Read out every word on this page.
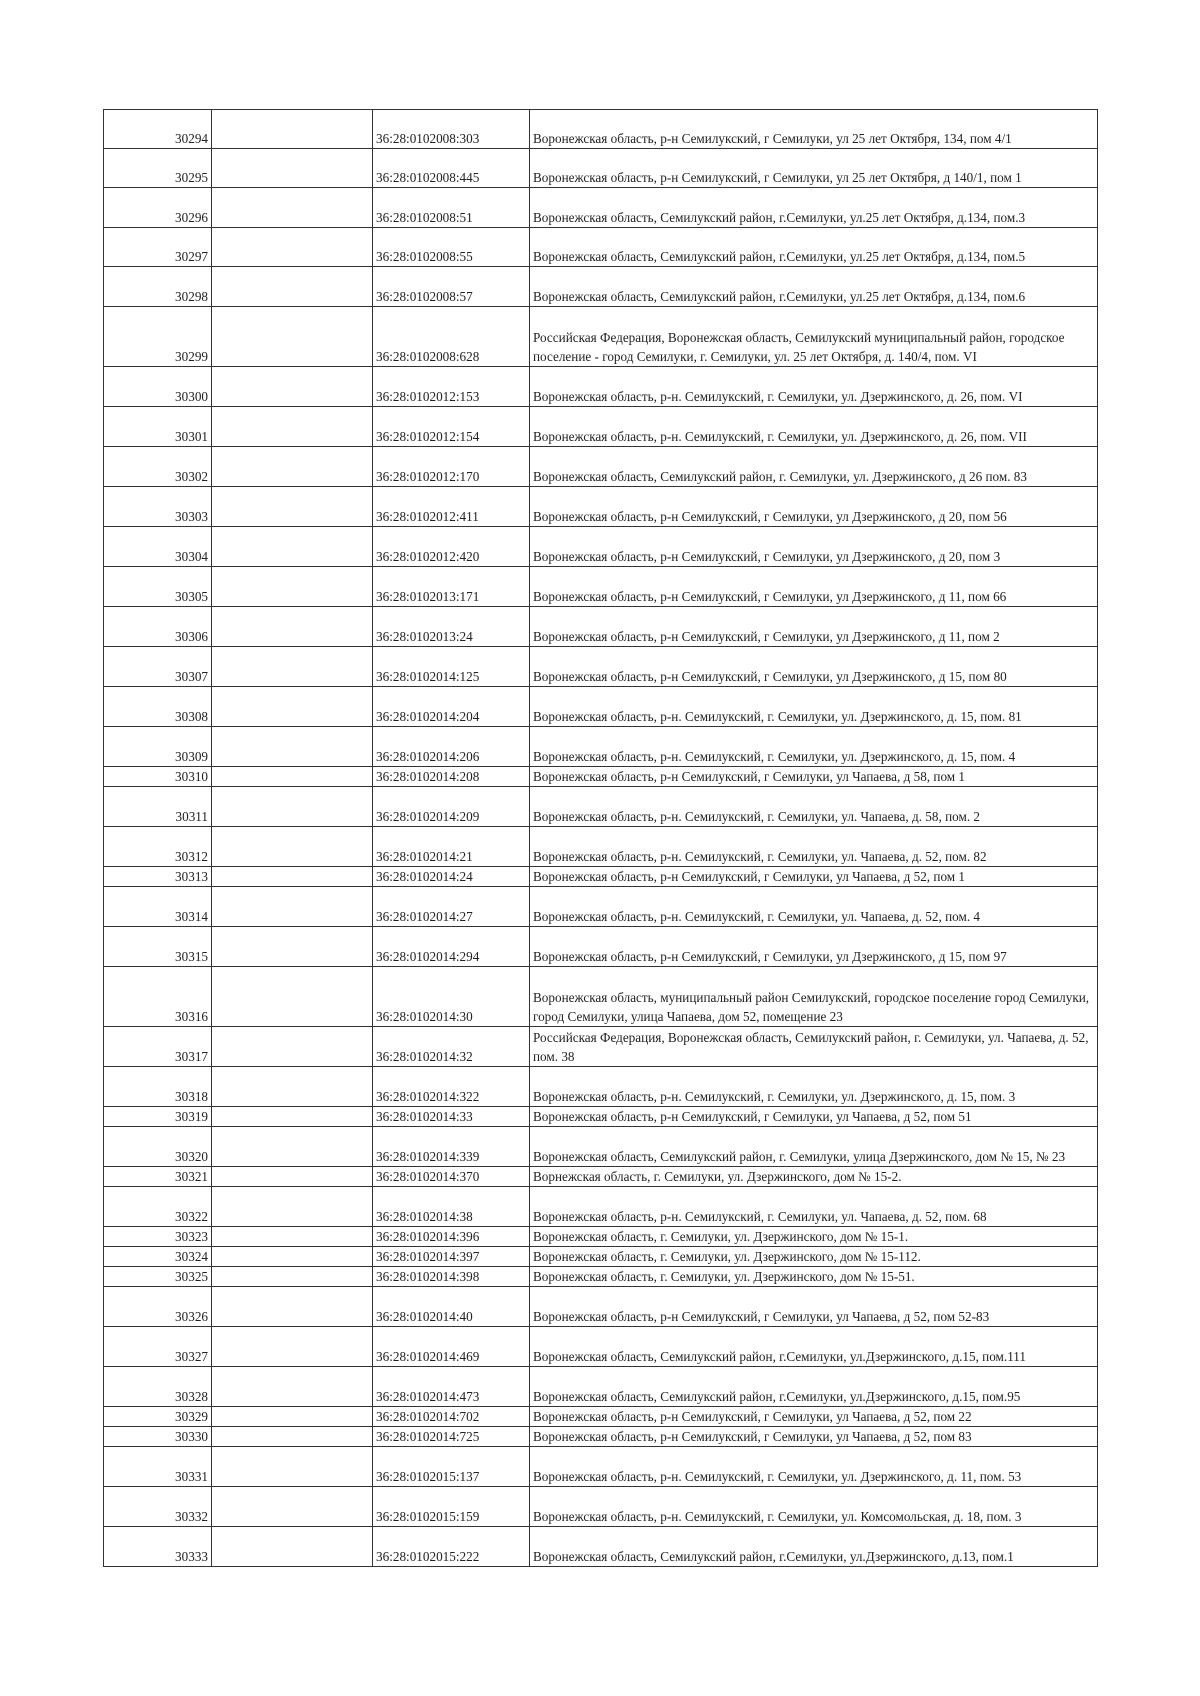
30294		36:28:0102008:303	Воронежская область, р-н Семилукский, г Семилуки, ул 25 лет Октября, 134, пом 4/1
30295		36:28:0102008:445	Воронежская область, р-н Семилукский, г Семилуки, ул 25 лет Октября, д 140/1, пом 1
30296		36:28:0102008:51	Воронежская область, Семилукский район, г.Семилуки, ул.25 лет Октября, д.134, пом.3
30297		36:28:0102008:55	Воронежская область, Семилукский район, г.Семилуки, ул.25 лет Октября, д.134, пом.5
30298		36:28:0102008:57	Воронежская область, Семилукский район, г.Семилуки, ул.25 лет Октября, д.134, пом.6
30299		36:28:0102008:628	Российская Федерация, Воронежская область, Семилукский муниципальный район, городское поселение - город Семилуки, г. Семилуки, ул. 25 лет Октября, д. 140/4, пом. VI
30300		36:28:0102012:153	Воронежская область, р-н. Семилукский, г. Семилуки, ул. Дзержинского, д. 26, пом. VI
30301		36:28:0102012:154	Воронежская область, р-н. Семилукский, г. Семилуки, ул. Дзержинского, д. 26, пом. VII
30302		36:28:0102012:170	Воронежская область, Семилукский район, г. Семилуки, ул. Дзержинского, д 26 пом. 83
30303		36:28:0102012:411	Воронежская область, р-н Семилукский, г Семилуки, ул Дзержинского, д 20, пом 56
30304		36:28:0102012:420	Воронежская область, р-н Семилукский, г Семилуки, ул Дзержинского, д 20, пом 3
30305		36:28:0102013:171	Воронежская область, р-н Семилукский, г Семилуки, ул Дзержинского, д 11, пом 66
30306		36:28:0102013:24	Воронежская область, р-н Семилукский, г Семилуки, ул Дзержинского, д 11, пом 2
30307		36:28:0102014:125	Воронежская область, р-н Семилукский, г Семилуки, ул Дзержинского, д 15, пом 80
30308		36:28:0102014:204	Воронежская область, р-н. Семилукский, г. Семилуки, ул. Дзержинского, д. 15, пом. 81
30309		36:28:0102014:206	Воронежская область, р-н. Семилукский, г. Семилуки, ул. Дзержинского, д. 15, пом. 4
30310		36:28:0102014:208	Воронежская область, р-н Семилукский, г Семилуки, ул Чапаева, д 58, пом 1
30311		36:28:0102014:209	Воронежская область, р-н. Семилукский, г. Семилуки, ул. Чапаева, д. 58, пом. 2
30312		36:28:0102014:21	Воронежская область, р-н. Семилукский, г. Семилуки, ул. Чапаева, д. 52, пом. 82
30313		36:28:0102014:24	Воронежская область, р-н Семилукский, г Семилуки, ул Чапаева, д 52, пом 1
30314		36:28:0102014:27	Воронежская область, р-н. Семилукский, г. Семилуки, ул. Чапаева, д. 52, пом. 4
30315		36:28:0102014:294	Воронежская область, р-н Семилукский, г Семилуки, ул Дзержинского, д 15, пом 97
30316		36:28:0102014:30	Воронежская область, муниципальный район Семилукский, городское поселение город Семилуки, город Семилуки, улица Чапаева, дом 52, помещение 23
30317		36:28:0102014:32	Российская Федерация, Воронежская область, Семилукский район, г. Семилуки, ул. Чапаева, д. 52, пом. 38
30318		36:28:0102014:322	Воронежская область, р-н. Семилукский, г. Семилуки, ул. Дзержинского, д. 15, пом. 3
30319		36:28:0102014:33	Воронежская область, р-н Семилукский, г Семилуки, ул Чапаева, д 52, пом 51
30320		36:28:0102014:339	Воронежская область, Семилукский район, г. Семилуки, улица Дзержинского, дом № 15, № 23
30321		36:28:0102014:370	Ворнежская область, г. Семилуки, ул. Дзержинского, дом № 15-2.
30322		36:28:0102014:38	Воронежская область, р-н. Семилукский, г. Семилуки, ул. Чапаева, д. 52, пом. 68
30323		36:28:0102014:396	Воронежская область, г. Семилуки, ул. Дзержинского, дом № 15-1.
30324		36:28:0102014:397	Воронежская область, г. Семилуки, ул. Дзержинского, дом № 15-112.
30325		36:28:0102014:398	Воронежская область, г. Семилуки, ул. Дзержинского, дом № 15-51.
30326		36:28:0102014:40	Воронежская область, р-н Семилукский, г Семилуки, ул Чапаева, д 52, пом 52-83
30327		36:28:0102014:469	Воронежская область, Семилукский район, г.Семилуки, ул.Дзержинского, д.15, пом.111
30328		36:28:0102014:473	Воронежская область, Семилукский район, г.Семилуки, ул.Дзержинского, д.15, пом.95
30329		36:28:0102014:702	Воронежская область, р-н Семилукский, г Семилуки, ул Чапаева, д 52, пом 22
30330		36:28:0102014:725	Воронежская область, р-н Семилукский, г Семилуки, ул Чапаева, д 52, пом 83
30331		36:28:0102015:137	Воронежская область, р-н. Семилукский, г. Семилуки, ул. Дзержинского, д. 11, пом. 53
30332		36:28:0102015:159	Воронежская область, р-н. Семилукский, г. Семилуки, ул. Комсомольская, д. 18, пом. 3
30333		36:28:0102015:222	Воронежская область, Семилукский район, г.Семилуки, ул.Дзержинского, д.13, пом.1
